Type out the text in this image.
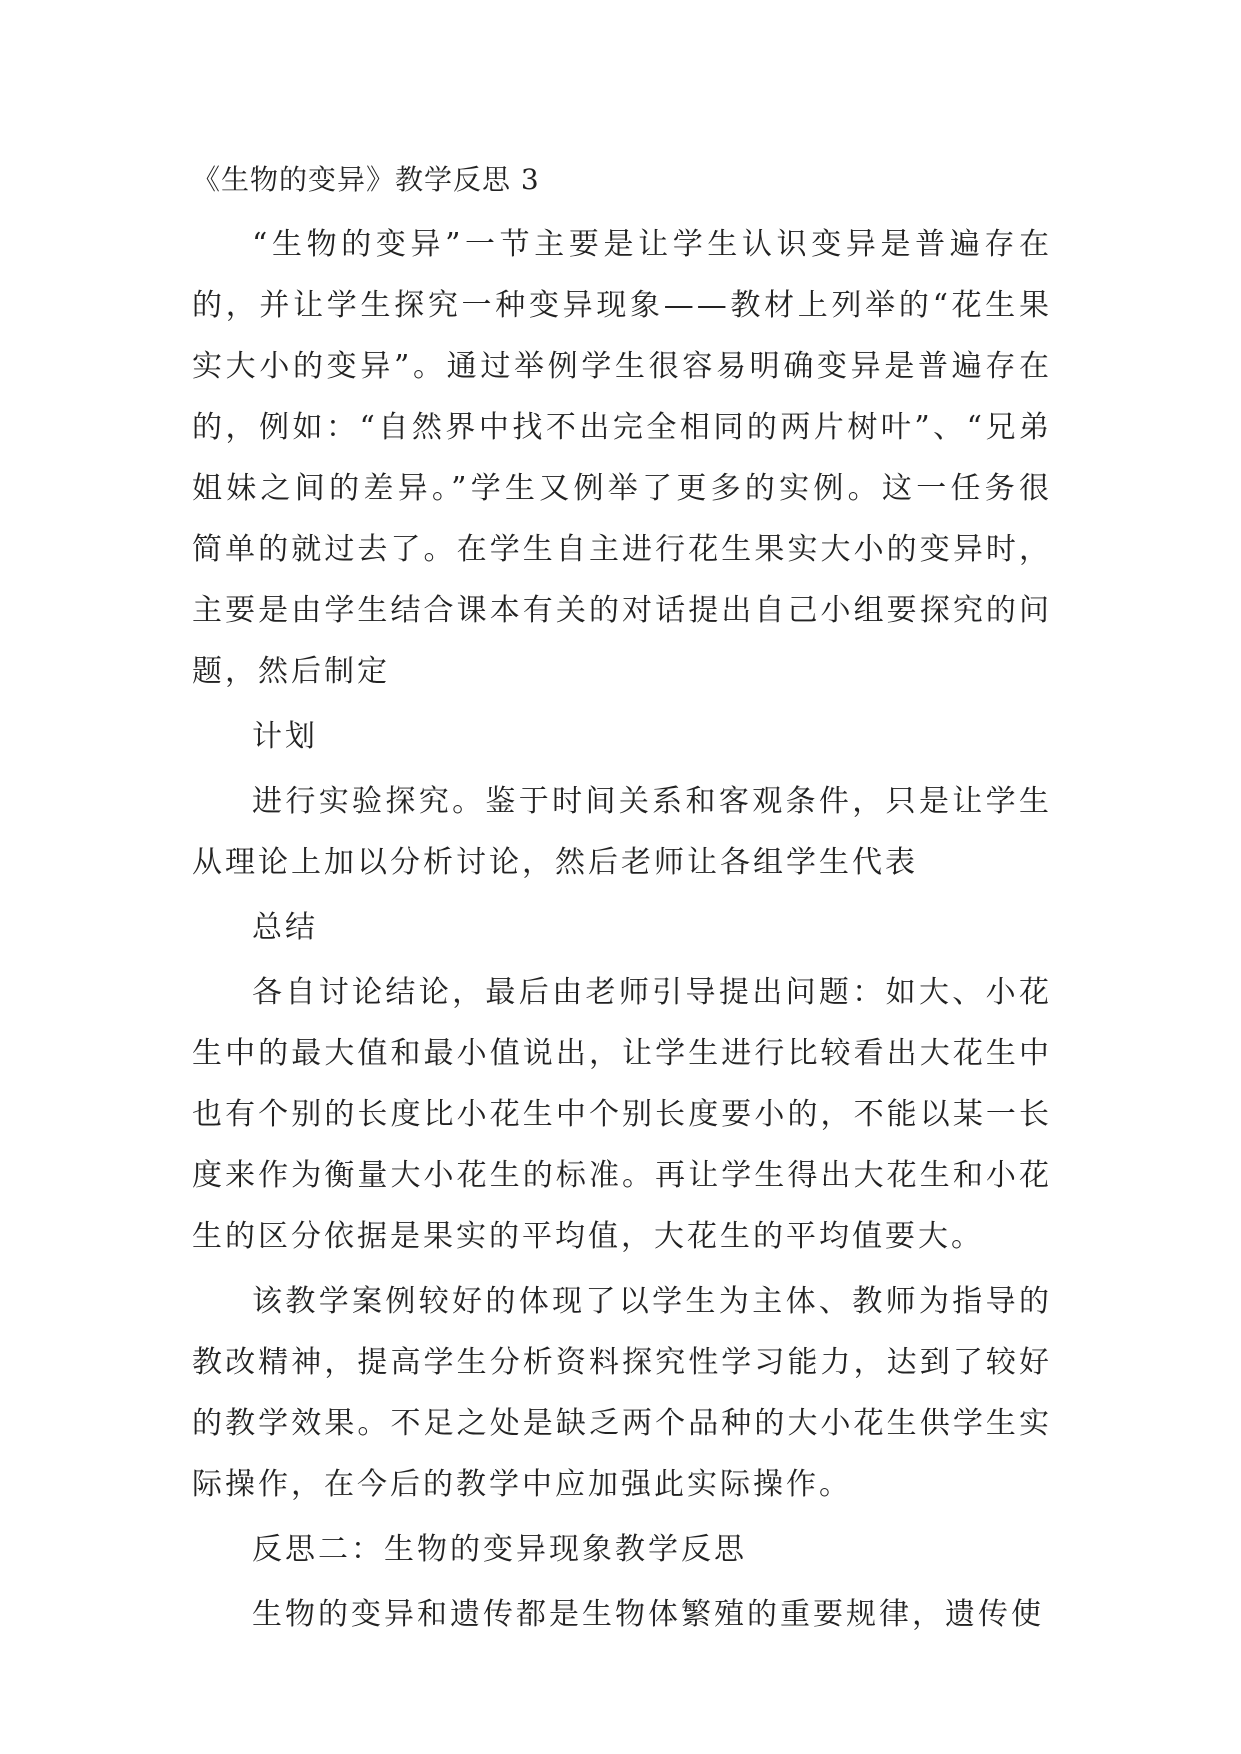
《生物的变异》教学反思 3

“生物的变异”一节主要是让学生认识变异是普遍存在的，并让学生探究一种变异现象——教材上列举的“花生果实大小的变异”。通过举例学生很容易明确变异是普遍存在的，例如：“自然界中找不出完全相同的两片树叶”、“兄弟姐妹之间的差异。”学生又例举了更多的实例。这一任务很简单的就过去了。在学生自主进行花生果实大小的变异时，主要是由学生结合课本有关的对话提出自己小组要探究的问题，然后制定

计划

进行实验探究。鉴于时间关系和客观条件，只是让学生从理论上加以分析讨论，然后老师让各组学生代表

总结

各自讨论结论，最后由老师引导提出问题：如大、小花生中的最大值和最小值说出，让学生进行比较看出大花生中也有个别的长度比小花生中个别长度要小的，不能以某一长度来作为衡量大小花生的标准。再让学生得出大花生和小花生的区分依据是果实的平均值，大花生的平均值要大。

该教学案例较好的体现了以学生为主体、教师为指导的教改精神，提高学生分析资料探究性学习能力，达到了较好的教学效果。不足之处是缺乏两个品种的大小花生供学生实际操作，在今后的教学中应加强此实际操作。

反思二：生物的变异现象教学反思

生物的变异和遗传都是生物体繁殖的重要规律，遗传使
